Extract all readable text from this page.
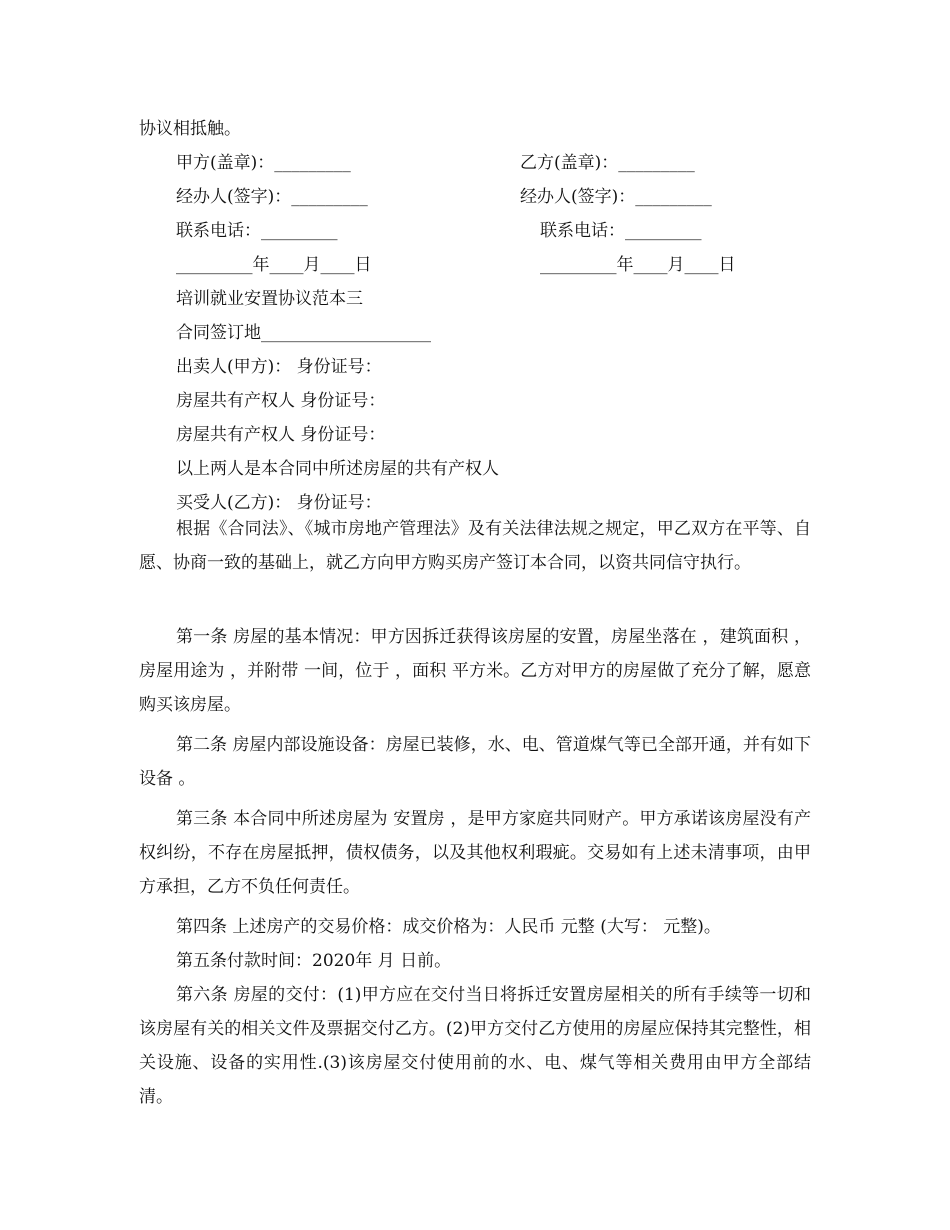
协议相抵触。
甲方(盖章)：_________	乙方(盖章)：_________
经办人(签字)：_________	经办人(签字)：_________
联系电话：_________	联系电话：_________
_________年____月____日	_________年____月____日
培训就业安置协议范本三
合同签订地____________________
出卖人(甲方)： 身份证号：
房屋共有产权人 身份证号：
房屋共有产权人 身份证号：
以上两人是本合同中所述房屋的共有产权人
买受人(乙方)： 身份证号：

根据《合同法》、《城市房地产管理法》及有关法律法规之规定，甲乙双方在平等、自愿、协商一致的基础上，就乙方向甲方购买房产签订本合同，以资共同信守执行。

第一条 房屋的基本情况：甲方因拆迁获得该房屋的安置，房屋坐落在 ，建筑面积 ，房屋用途为 ，并附带 一间，位于 ，面积 平方米。乙方对甲方的房屋做了充分了解，愿意购买该房屋。

第二条 房屋内部设施设备：房屋已装修，水、电、管道煤气等已全部开通，并有如下设备 。

第三条 本合同中所述房屋为 安置房 ，是甲方家庭共同财产。甲方承诺该房屋没有产权纠纷，不存在房屋抵押，债权债务，以及其他权利瑕疵。交易如有上述未清事项，由甲方承担，乙方不负任何责任。

第四条 上述房产的交易价格：成交价格为：人民币 元整 (大写： 元整)。

第五条付款时间：2020年 月 日前。

第六条 房屋的交付：(1)甲方应在交付当日将拆迁安置房屋相关的所有手续等一切和该房屋有关的相关文件及票据交付乙方。(2)甲方交付乙方使用的房屋应保持其完整性，相关设施、设备的实用性.(3)该房屋交付使用前的水、电、煤气等相关费用由甲方全部结清。
